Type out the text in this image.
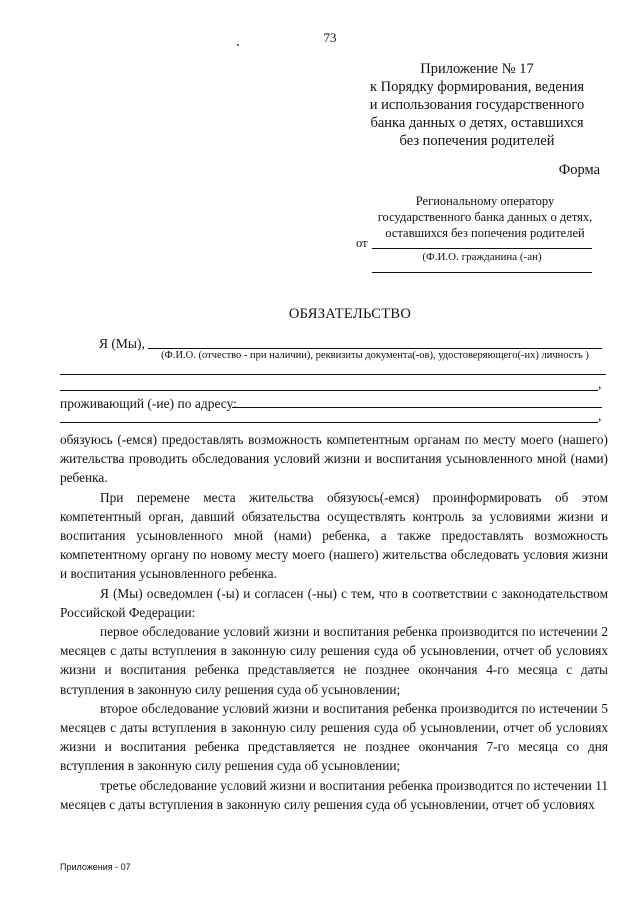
73
Приложение № 17
к Порядку формирования, ведения
и использования государственного
банка данных о детях, оставшихся
без попечения родителей
Форма
Региональному оператору
государственного банка данных о детях,
оставшихся без попечения родителей
от
(Ф.И.О. гражданина (-ан)
ОБЯЗАТЕЛЬСТВО
Я (Мы),
(Ф.И.О. (отчество - при наличии), реквизиты документа(-ов), удостоверяющего(-их) личность )
,
проживающий (-ие) по адресу:
,

обязуюсь (-емся) предоставлять возможность компетентным органам по месту моего (нашего) жительства проводить обследования условий жизни и воспитания усыновленного мной (нами) ребенка.

При перемене места жительства обязуюсь(-емся) проинформировать об этом компетентный орган, давший обязательства осуществлять контроль за условиями жизни и воспитания усыновленного мной (нами) ребенка, а также предоставлять возможность компетентному органу по новому месту моего (нашего) жительства обследовать условия жизни и воспитания усыновленного ребенка.

Я (Мы) осведомлен (-ы) и согласен (-ны) с тем, что в соответствии с законодательством Российской Федерации:

первое обследование условий жизни и воспитания ребенка производится по истечении 2 месяцев с даты вступления в законную силу решения суда об усыновлении, отчет об условиях жизни и воспитания ребенка представляется не позднее окончания 4-го месяца с даты вступления в законную силу решения суда об усыновлении;

второе обследование условий жизни и воспитания ребенка производится по истечении 5 месяцев с даты вступления в законную силу решения суда об усыновлении, отчет об условиях жизни и воспитания ребенка представляется не позднее окончания 7-го месяца со дня вступления в законную силу решения суда об усыновлении;

третье обследование условий жизни и воспитания ребенка производится по истечении 11 месяцев с даты вступления в законную силу решения суда об усыновлении, отчет об условиях

Приложения - 07
